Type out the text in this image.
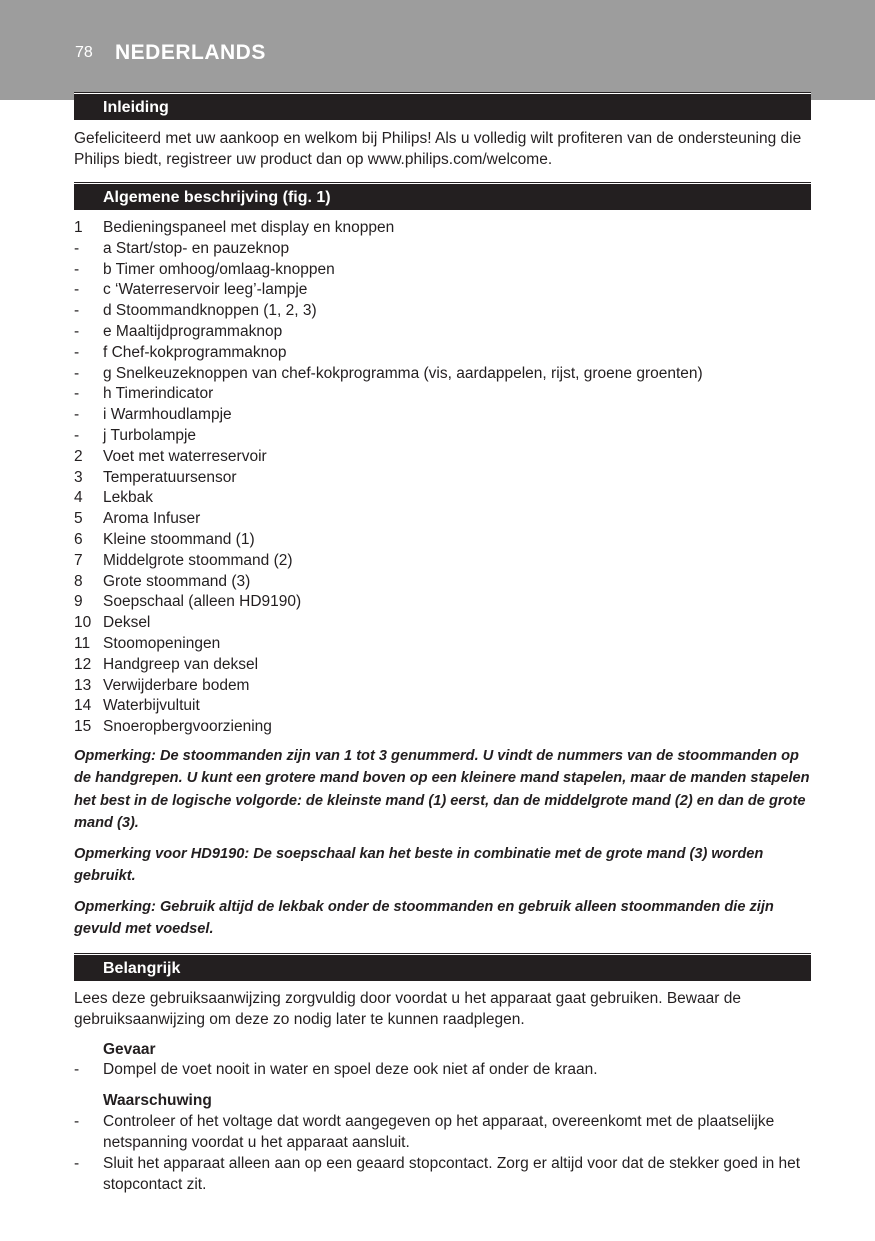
78 NEDERLANDS
Inleiding

Gefeliciteerd met uw aankoop en welkom bij Philips! Als u volledig wilt profiteren van de ondersteuning die Philips biedt, registreer uw product dan op www.philips.com/welcome.

Algemene beschrijving (fig. 1)
1	Bedieningspaneel met display en knoppen
-	a Start/stop- en pauzeknop
-	b Timer omhoog/omlaag-knoppen
-	c ‘Waterreservoir leeg’-lampje
-	d Stoommandknoppen (1, 2, 3)
-	e Maaltijdprogrammaknop
-	f Chef-kokprogrammaknop
-	g Snelkeuzeknoppen van chef-kokprogramma (vis, aardappelen, rijst, groene groenten)
-	h Timerindicator
-	i Warmhoudlampje
-	j Turbolampje
2	Voet met waterreservoir
3	Temperatuursensor
4	Lekbak
5	Aroma Infuser
6	Kleine stoommand (1)
7	Middelgrote stoommand (2)
8	Grote stoommand (3)
9	Soepschaal (alleen HD9190)
10 Deksel
11 Stoomopeningen
12 Handgreep van deksel
13 Verwijderbare bodem
14 Waterbijvultuit
15 Snoeropbergvoorziening

Opmerking: De stoommanden zijn van 1 tot 3 genummerd. U vindt de nummers van de stoommanden op de handgrepen. U kunt een grotere mand boven op een kleinere mand stapelen, maar de manden stapelen het best in de logische volgorde: de kleinste mand (1) eerst, dan de middelgrote mand (2) en dan de grote mand (3).

Opmerking voor HD9190: De soepschaal kan het beste in combinatie met de grote mand (3) worden gebruikt.

Opmerking: Gebruik altijd de lekbak onder de stoommanden en gebruik alleen stoommanden die zijn gevuld met voedsel.

Belangrijk

Lees deze gebruiksaanwijzing zorgvuldig door voordat u het apparaat gaat gebruiken. Bewaar de gebruiksaanwijzing om deze zo nodig later te kunnen raadplegen.

Gevaar
-	Dompel de voet nooit in water en spoel deze ook niet af onder de kraan.
Waarschuwing
-	Controleer of het voltage dat wordt aangegeven op het apparaat, overeenkomt met de plaatselijke netspanning voordat u het apparaat aansluit.
-	Sluit het apparaat alleen aan op een geaard stopcontact. Zorg er altijd voor dat de stekker goed in het stopcontact zit.
